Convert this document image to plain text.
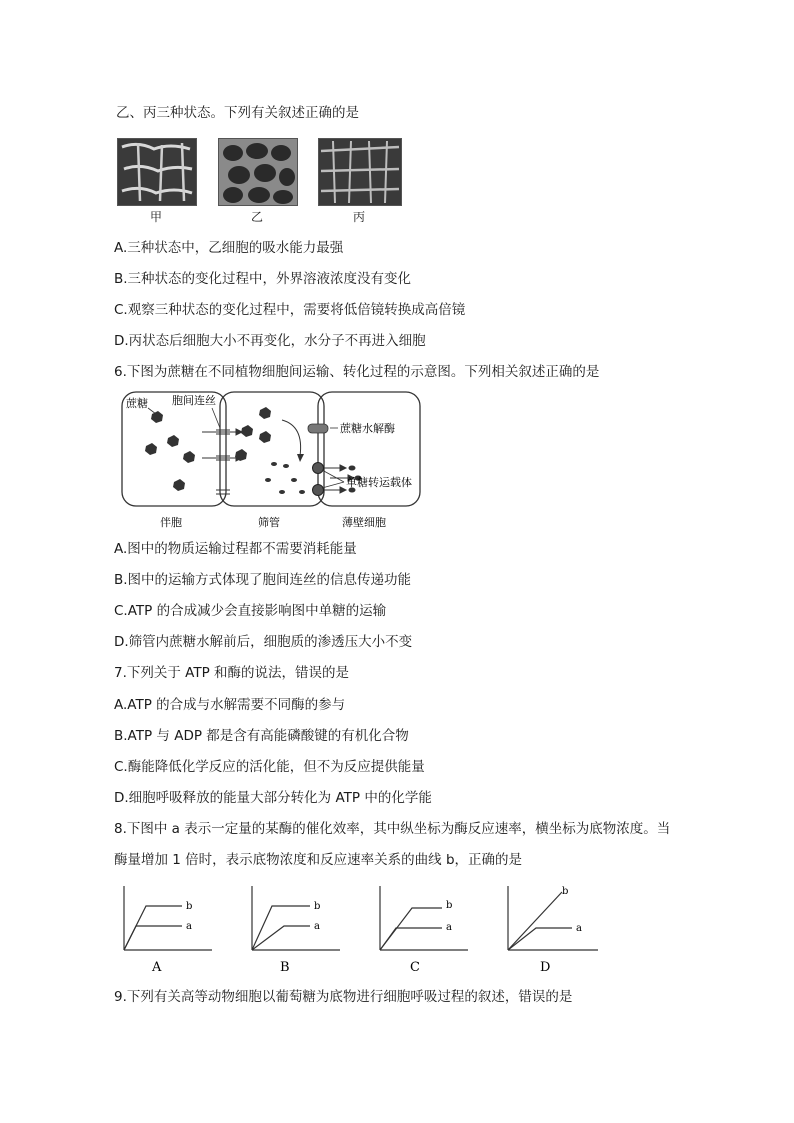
乙、丙三种状态。下列有关叙述正确的是
甲	乙	丙
A.三种状态中，乙细胞的吸水能力最强
B.三种状态的变化过程中，外界溶液浓度没有变化
C.观察三种状态的变化过程中，需要将低倍镜转换成高倍镜
D.丙状态后细胞大小不再变化，水分子不再进入细胞
6.下图为蔗糖在不同植物细胞间运输、转化过程的示意图。下列相关叙述正确的是
蔗糖 胞间连丝
蔗糖水解酶
单糖转运载体
伴胞	筛管	薄壁细胞
A.图中的物质运输过程都不需要消耗能量
B.图中的运输方式体现了胞间连丝的信息传递功能
C.ATP 的合成减少会直接影响图中单糖的运输
D.筛管内蔗糖水解前后，细胞质的渗透压大小不变
7.下列关于 ATP 和酶的说法，错误的是
A.ATP 的合成与水解需要不同酶的参与
B.ATP 与 ADP 都是含有高能磷酸键的有机化合物
C.酶能降低化学反应的活化能，但不为反应提供能量
D.细胞呼吸释放的能量大部分转化为 ATP 中的化学能
8.下图中 a 表示一定量的某酶的催化效率，其中纵坐标为酶反应速率，横坐标为底物浓度。当
酶量增加 1 倍时，表示底物浓度和反应速率关系的曲线 b，正确的是
b
a
A
b
a
B
b
a
C
b
a
D
9.下列有关高等动物细胞以葡萄糖为底物进行细胞呼吸过程的叙述，错误的是
